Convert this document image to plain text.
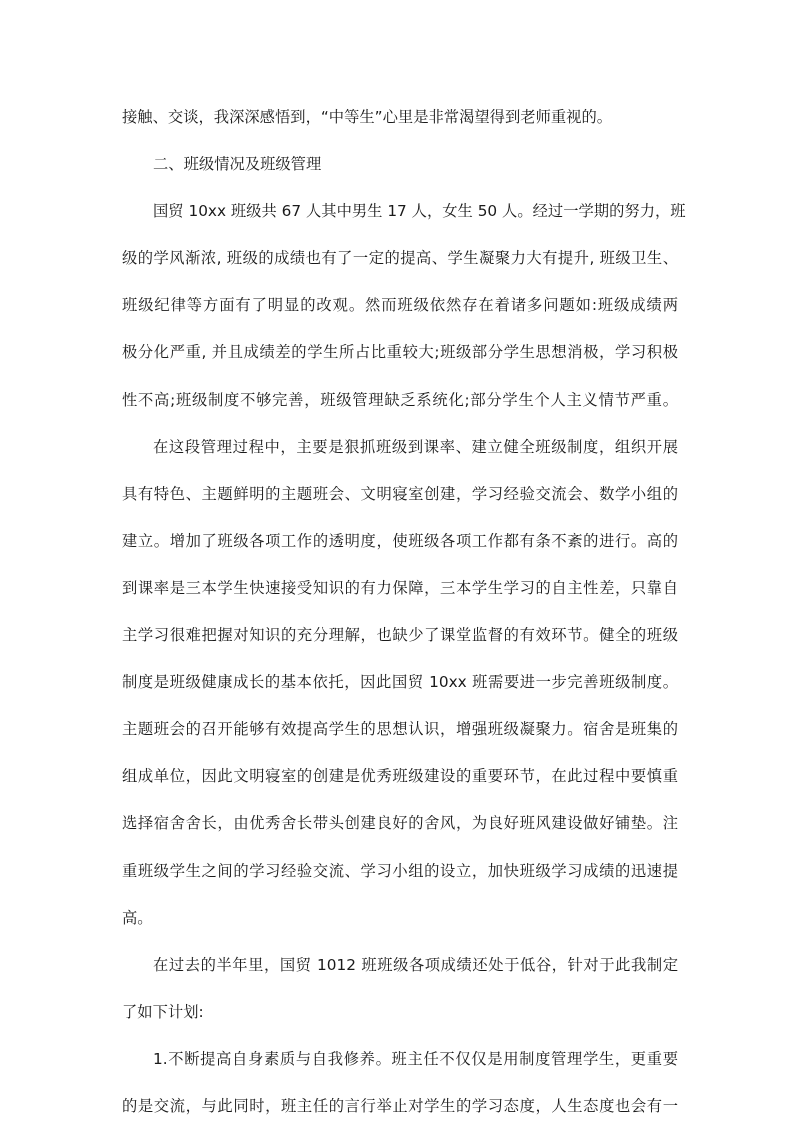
接触、交谈，我深深感悟到，“中等生”心里是非常渴望得到老师重视的。
二、班级情况及班级管理
国贸 10xx 班级共 67 人其中男生 17 人，女生 50 人。经过一学期的努力，班
级的学风渐浓, 班级的成绩也有了一定的提高、学生凝聚力大有提升, 班级卫生、
班级纪律等方面有了明显的改观。然而班级依然存在着诸多问题如:班级成绩两
极分化严重, 并且成绩差的学生所占比重较大;班级部分学生思想消极，学习积极
性不高;班级制度不够完善，班级管理缺乏系统化;部分学生个人主义情节严重。
在这段管理过程中，主要是狠抓班级到课率、建立健全班级制度，组织开展
具有特色、主题鲜明的主题班会、文明寝室创建，学习经验交流会、数学小组的
建立。增加了班级各项工作的透明度，使班级各项工作都有条不紊的进行。高的
到课率是三本学生快速接受知识的有力保障，三本学生学习的自主性差，只靠自
主学习很难把握对知识的充分理解，也缺少了课堂监督的有效环节。健全的班级
制度是班级健康成长的基本依托，因此国贸 10xx 班需要进一步完善班级制度。
主题班会的召开能够有效提高学生的思想认识，增强班级凝聚力。宿舍是班集的
组成单位，因此文明寝室的创建是优秀班级建设的重要环节，在此过程中要慎重
选择宿舍舍长，由优秀舍长带头创建良好的舍风，为良好班风建设做好铺垫。注
重班级学生之间的学习经验交流、学习小组的设立，加快班级学习成绩的迅速提
高。
在过去的半年里，国贸 1012 班班级各项成绩还处于低谷，针对于此我制定
了如下计划:
1.不断提高自身素质与自我修养。班主任不仅仅是用制度管理学生，更重要
的是交流，与此同时，班主任的言行举止对学生的学习态度，人生态度也会有一
